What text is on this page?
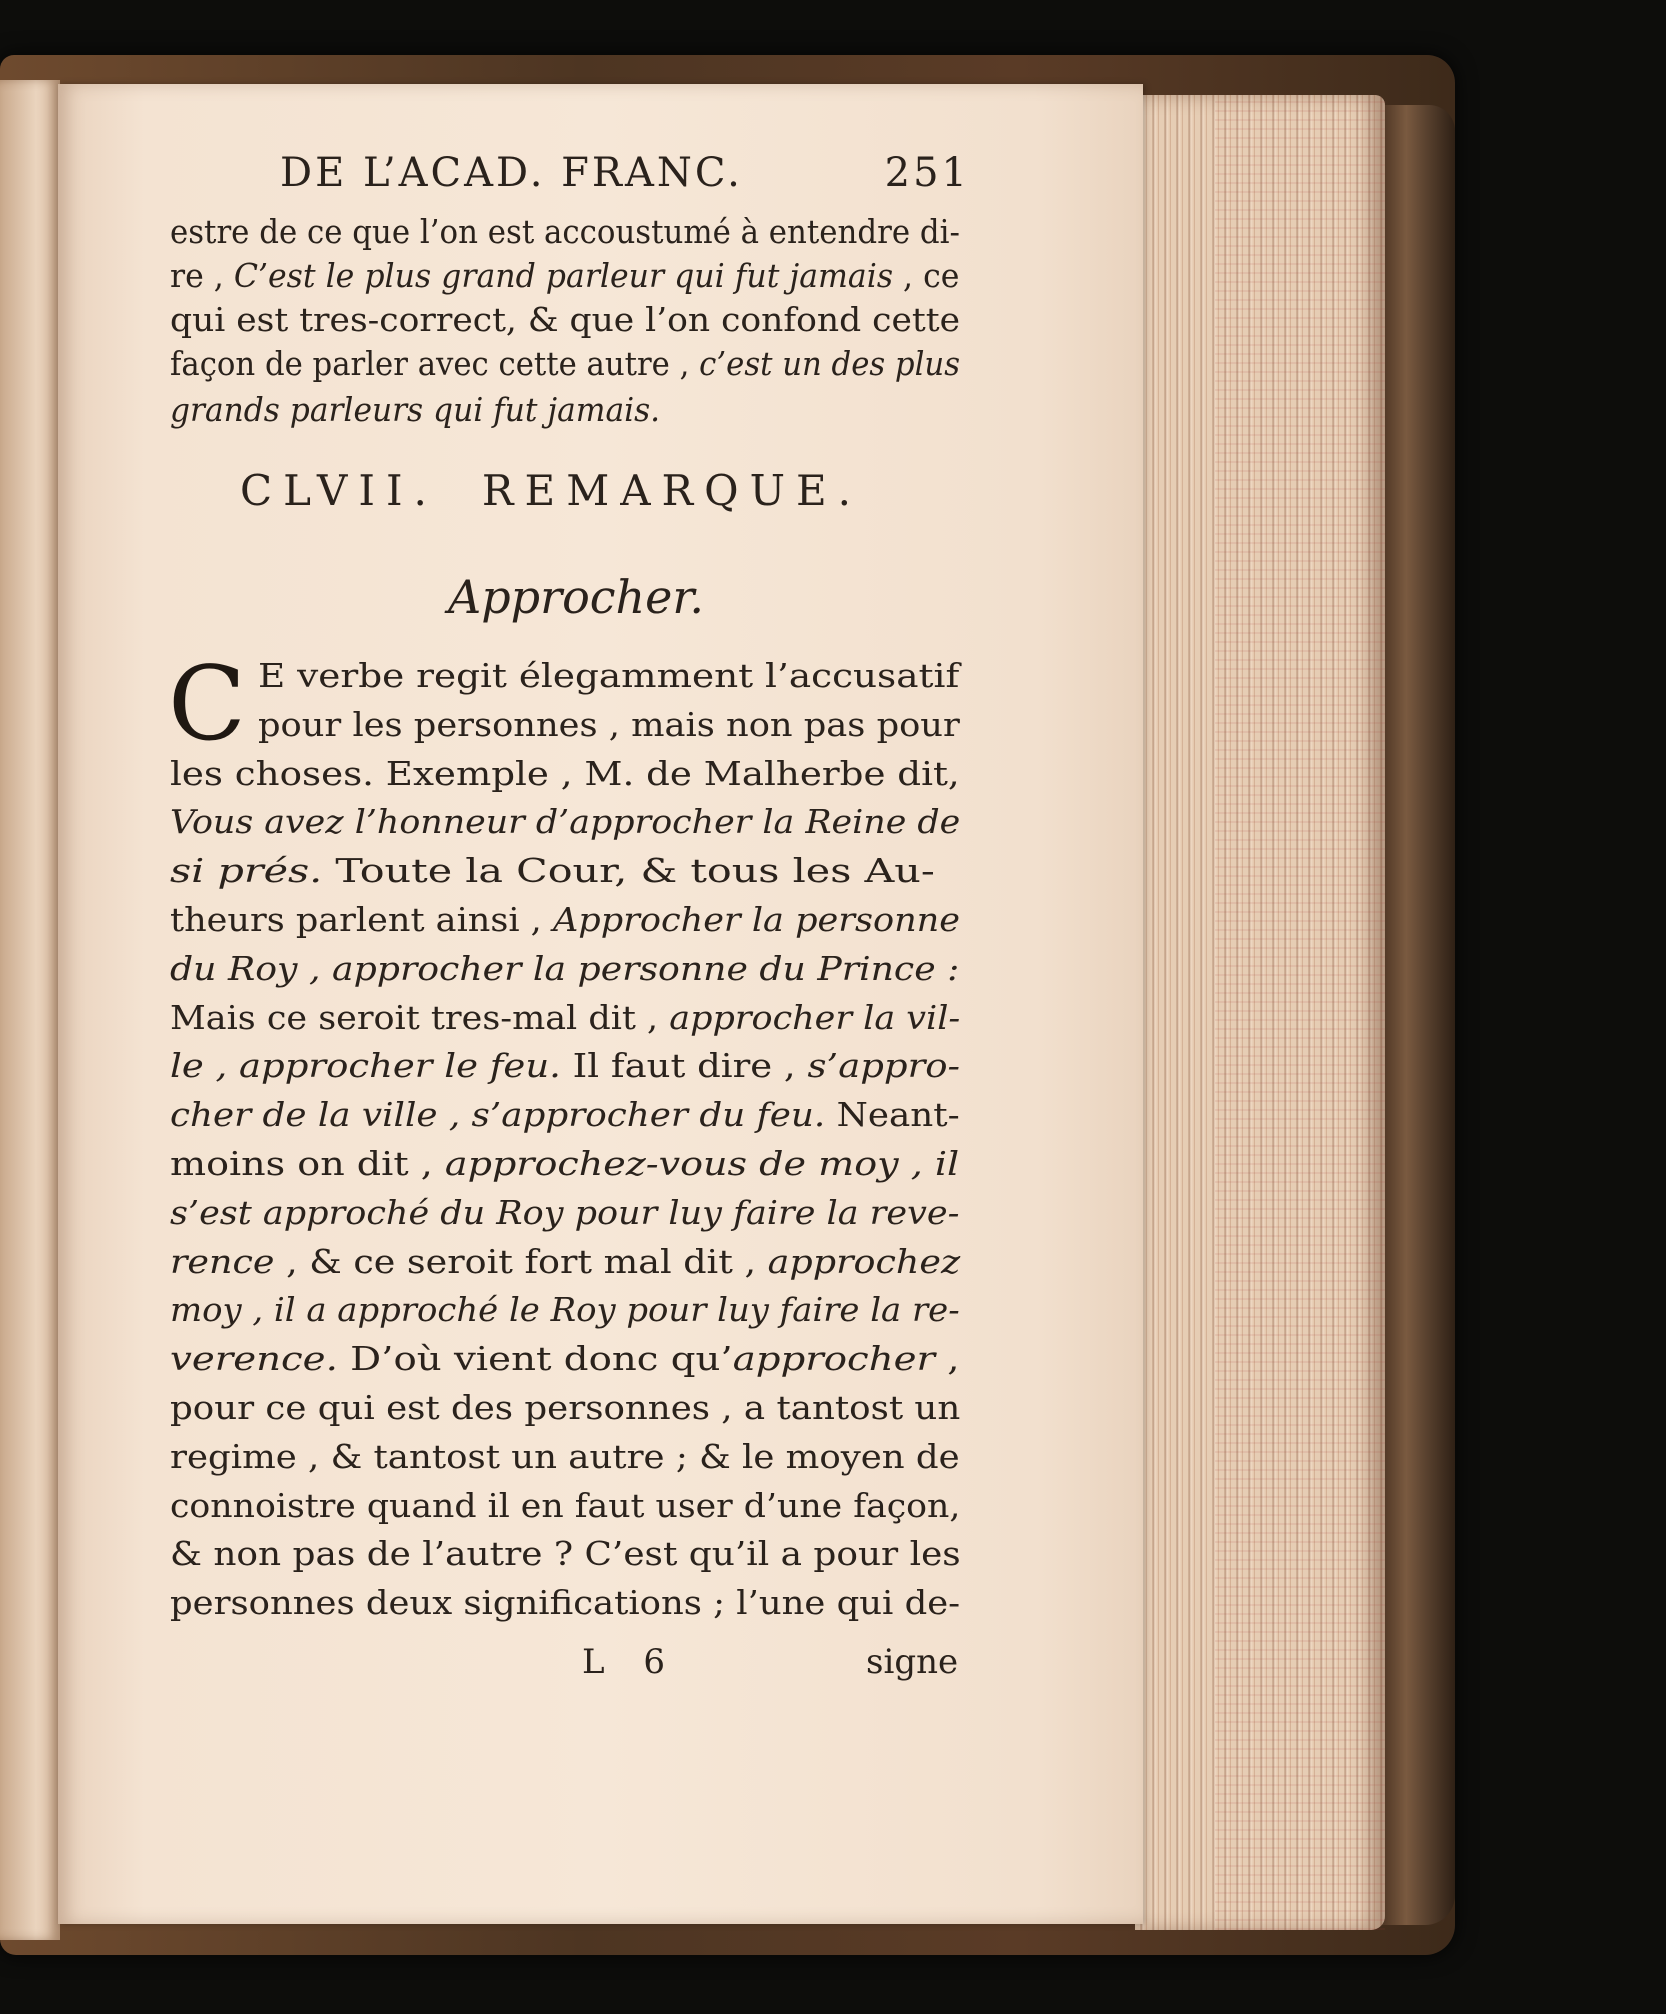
DE L’ACAD. FRANC.	251
estre de ce que l’on est accoustumé à entendre di-
re , C’est le plus grand parleur qui fut jamais , ce
qui est tres-correct, & que l’on confond cette
façon de parler avec cette autre , c’est un des plus
grands parleurs qui fut jamais.
CLVII. REMARQUE.
Approcher.
C E verbe regit élegamment l’accusatif
pour les personnes , mais non pas pour
les choses. Exemple , M. de Malherbe dit,
Vous avez l’honneur d’approcher la Reine de
si prés. Toute la Cour, & tous les Au-
theurs parlent ainsi , Approcher la personne
du Roy , approcher la personne du Prince :
Mais ce seroit tres-mal dit , approcher la vil-
le , approcher le feu. Il faut dire , s’appro-
cher de la ville , s’approcher du feu. Neant-
moins on dit , approchez-vous de moy , il
s’est approché du Roy pour luy faire la reve-
rence , & ce seroit fort mal dit , approchez
moy , il a approché le Roy pour luy faire la re-
verence. D’où vient donc qu’approcher ,
pour ce qui est des personnes , a tantost un
regime , & tantost un autre ; & le moyen de
connoistre quand il en faut user d’une façon,
& non pas de l’autre ? C’est qu’il a pour les
personnes deux significations ; l’une qui de-
L 6	signe
